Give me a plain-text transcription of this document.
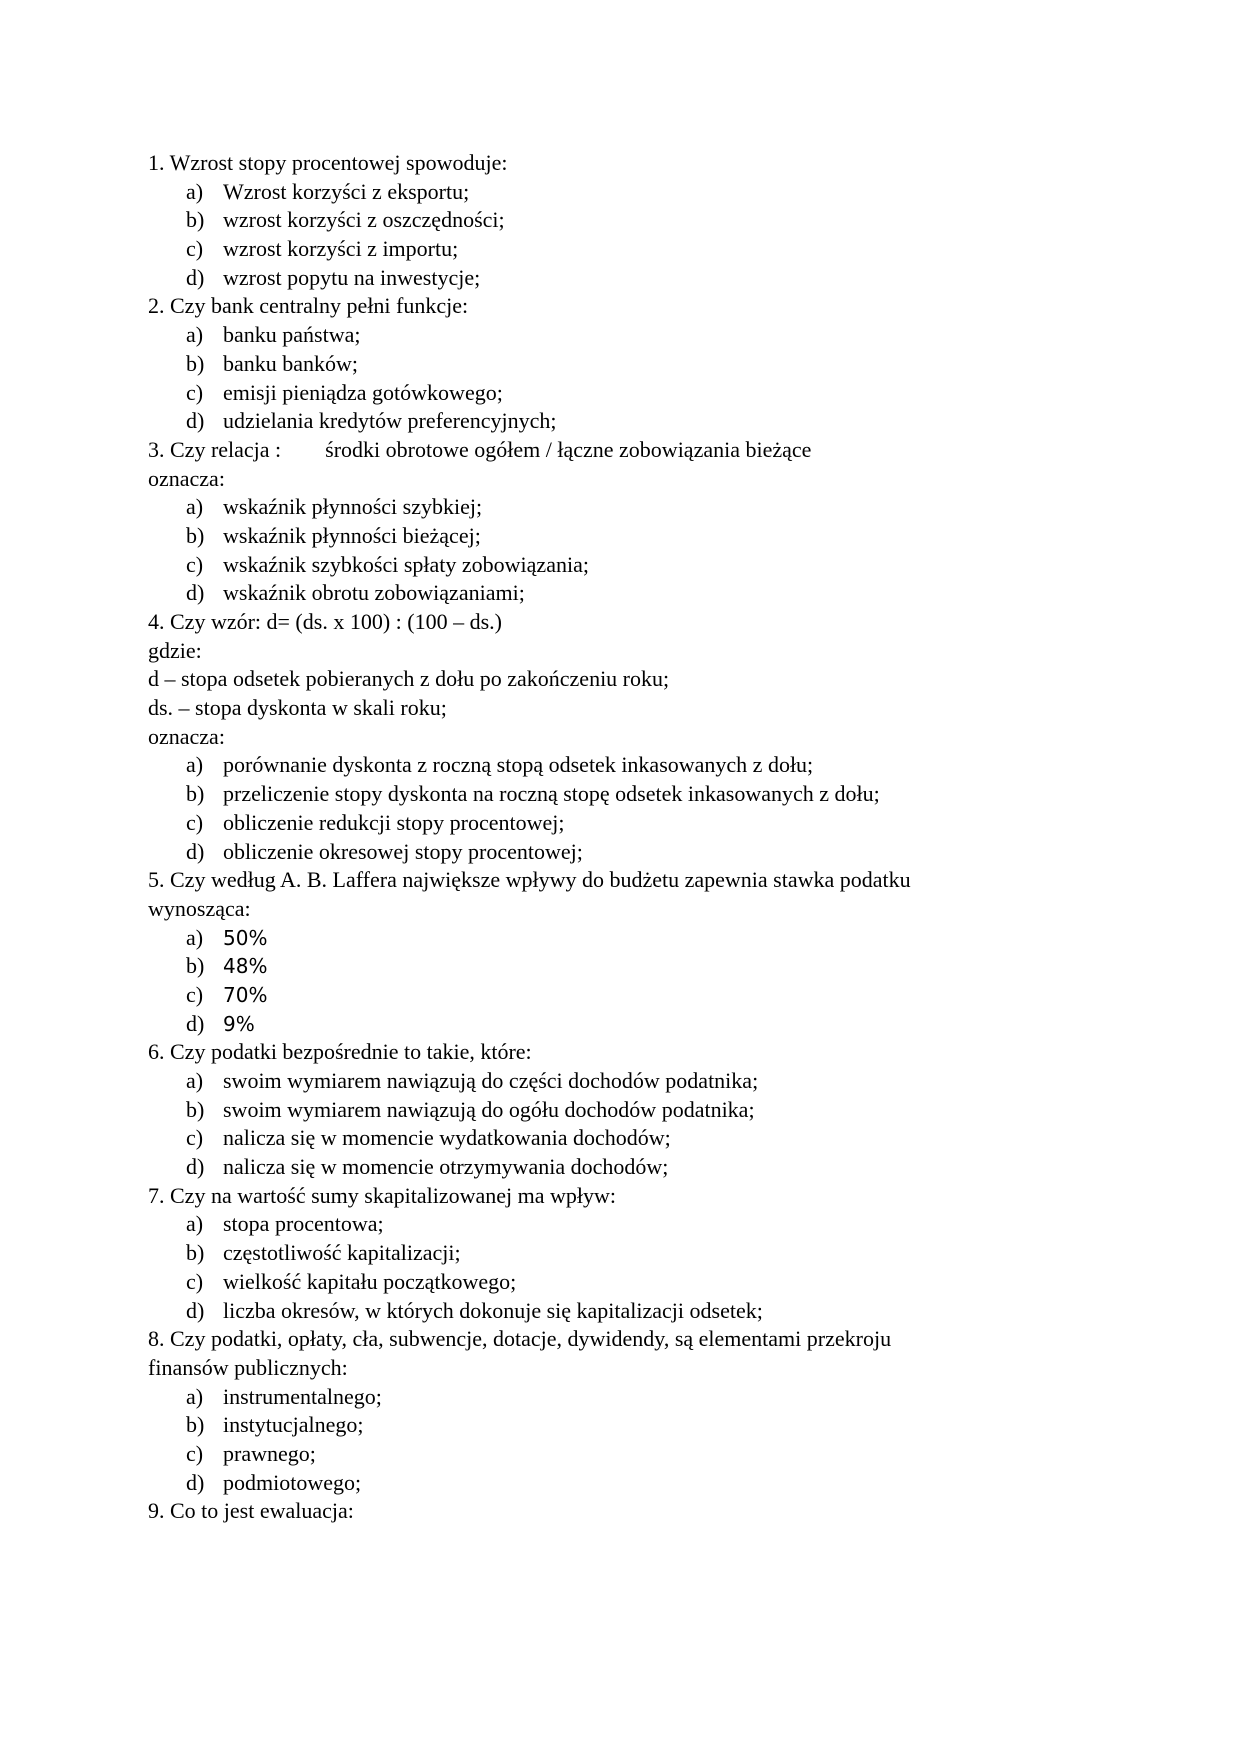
1. Wzrost stopy procentowej spowoduje:
a) Wzrost korzyści z eksportu;
b) wzrost korzyści z oszczędności;
c) wzrost korzyści z importu;
d) wzrost popytu na inwestycje;
2. Czy bank centralny pełni funkcje:
a) banku państwa;
b) banku banków;
c) emisji pieniądza gotówkowego;
d) udzielania kredytów preferencyjnych;
3. Czy relacja : środki obrotowe ogółem / łączne zobowiązania bieżące
oznacza:
a) wskaźnik płynności szybkiej;
b) wskaźnik płynności bieżącej;
c) wskaźnik szybkości spłaty zobowiązania;
d) wskaźnik obrotu zobowiązaniami;
4. Czy wzór: d= (ds. x 100) : (100 – ds.)
gdzie:
d – stopa odsetek pobieranych z dołu po zakończeniu roku;
ds. – stopa dyskonta w skali roku;
oznacza:
a) porównanie dyskonta z roczną stopą odsetek inkasowanych z dołu;
b) przeliczenie stopy dyskonta na roczną stopę odsetek inkasowanych z dołu;
c) obliczenie redukcji stopy procentowej;
d) obliczenie okresowej stopy procentowej;
5. Czy według A. B. Laffera największe wpływy do budżetu zapewnia stawka podatku
wynosząca:
a) 50%
b) 48%
c) 70%
d) 9%
6. Czy podatki bezpośrednie to takie, które:
a) swoim wymiarem nawiązują do części dochodów podatnika;
b) swoim wymiarem nawiązują do ogółu dochodów podatnika;
c) nalicza się w momencie wydatkowania dochodów;
d) nalicza się w momencie otrzymywania dochodów;
7. Czy na wartość sumy skapitalizowanej ma wpływ:
a) stopa procentowa;
b) częstotliwość kapitalizacji;
c) wielkość kapitału początkowego;
d) liczba okresów, w których dokonuje się kapitalizacji odsetek;
8. Czy podatki, opłaty, cła, subwencje, dotacje, dywidendy, są elementami przekroju
finansów publicznych:
a) instrumentalnego;
b) instytucjalnego;
c) prawnego;
d) podmiotowego;
9. Co to jest ewaluacja:
